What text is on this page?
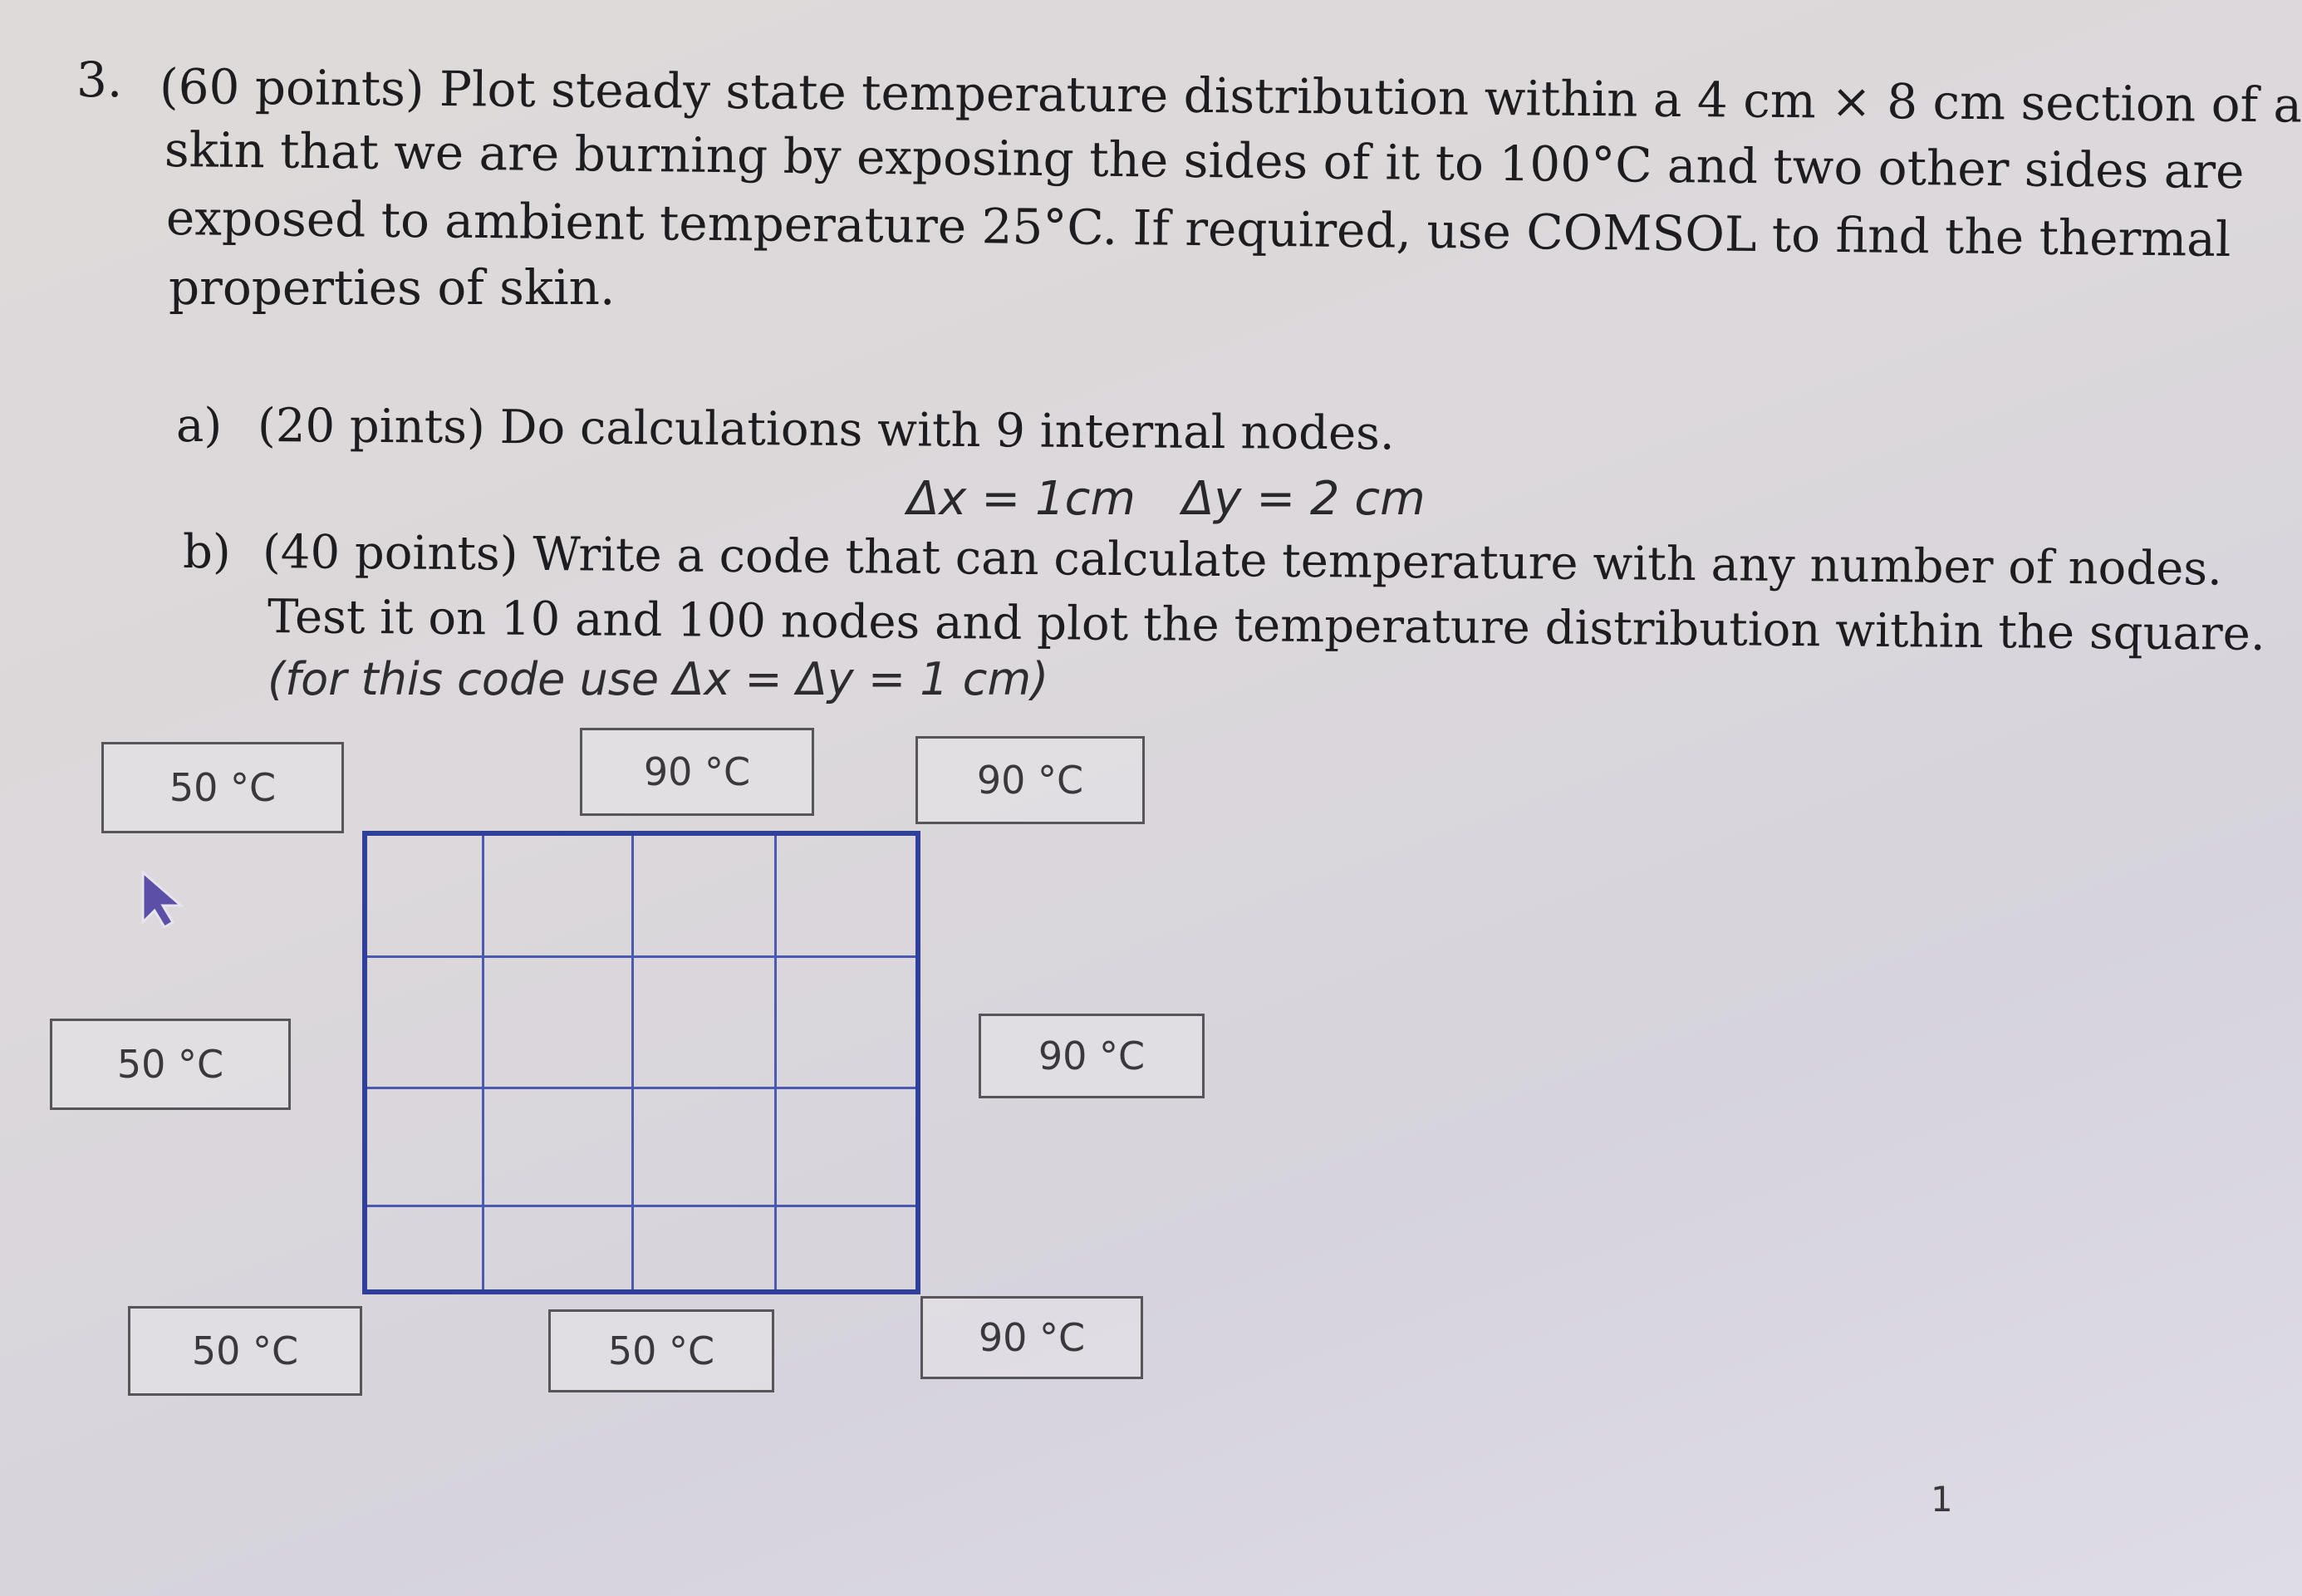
3. (60 points) Plot steady state temperature distribution within a 4 cm × 8 cm section of a
skin that we are burning by exposing the sides of it to 100°C and two other sides are
exposed to ambient temperature 25°C. If required, use COMSOL to find the thermal
properties of skin.
a) (20 pints) Do calculations with 9 internal nodes.
Δx = 1cm Δy = 2 cm
b) (40 points) Write a code that can calculate temperature with any number of nodes.
Test it on 10 and 100 nodes and plot the temperature distribution within the square.
(for this code use Δx = Δy = 1 cm)
50 °C	90 °C	90 °C
50 °C	90 °C
50 °C	50 °C	90 °C
1
